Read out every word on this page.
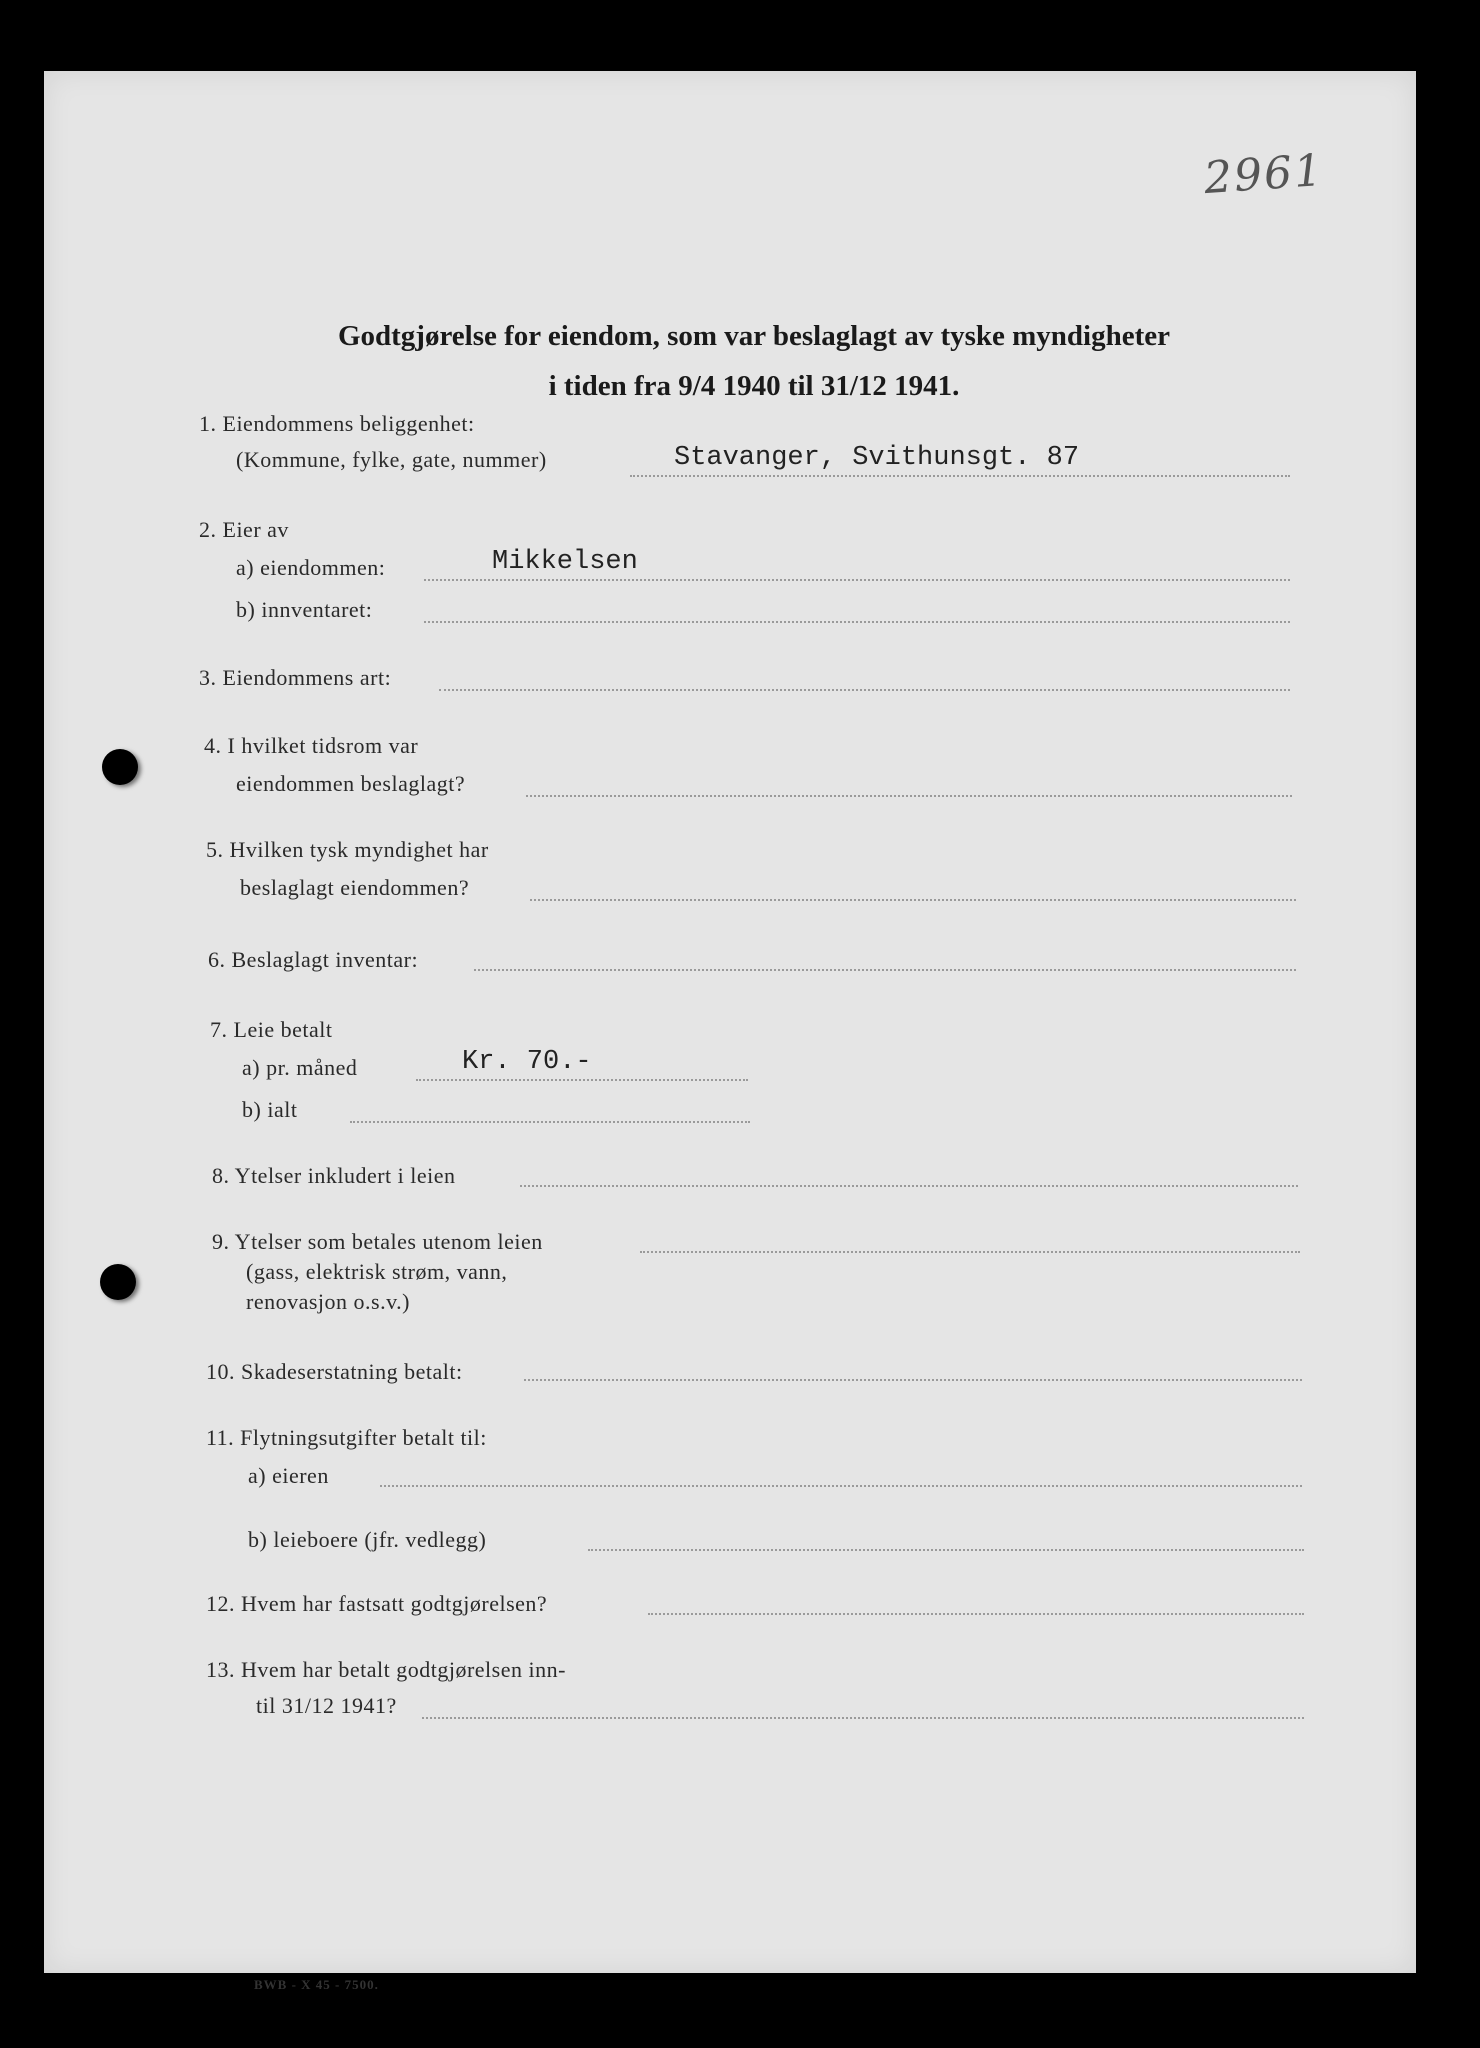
2961
Godtgjørelse for eiendom, som var beslaglagt av tyske myndigheter
i tiden fra 9/4 1940 til 31/12 1941.
1. Eiendommens beliggenhet:
(Kommune, fylke, gate, nummer)	Stavanger, Svithunsgt. 87
2. Eier av
a) eiendommen:	Mikkelsen
b) innventaret:
3. Eiendommens art:
4. I hvilket tidsrom var
eiendommen beslaglagt?
5. Hvilken tysk myndighet har
beslaglagt eiendommen?
6. Beslaglagt inventar:
7. Leie betalt
a) pr. måned	Kr. 70.-
b) ialt
8. Ytelser inkludert i leien
9. Ytelser som betales utenom leien
(gass, elektrisk strøm, vann,
renovasjon o.s.v.)
10. Skadeserstatning betalt:
11. Flytningsutgifter betalt til:
a) eieren
b) leieboere (jfr. vedlegg)
12. Hvem har fastsatt godtgjørelsen?
13. Hvem har betalt godtgjørelsen inn-
til 31/12 1941?
BWB - X 45 - 7500.
